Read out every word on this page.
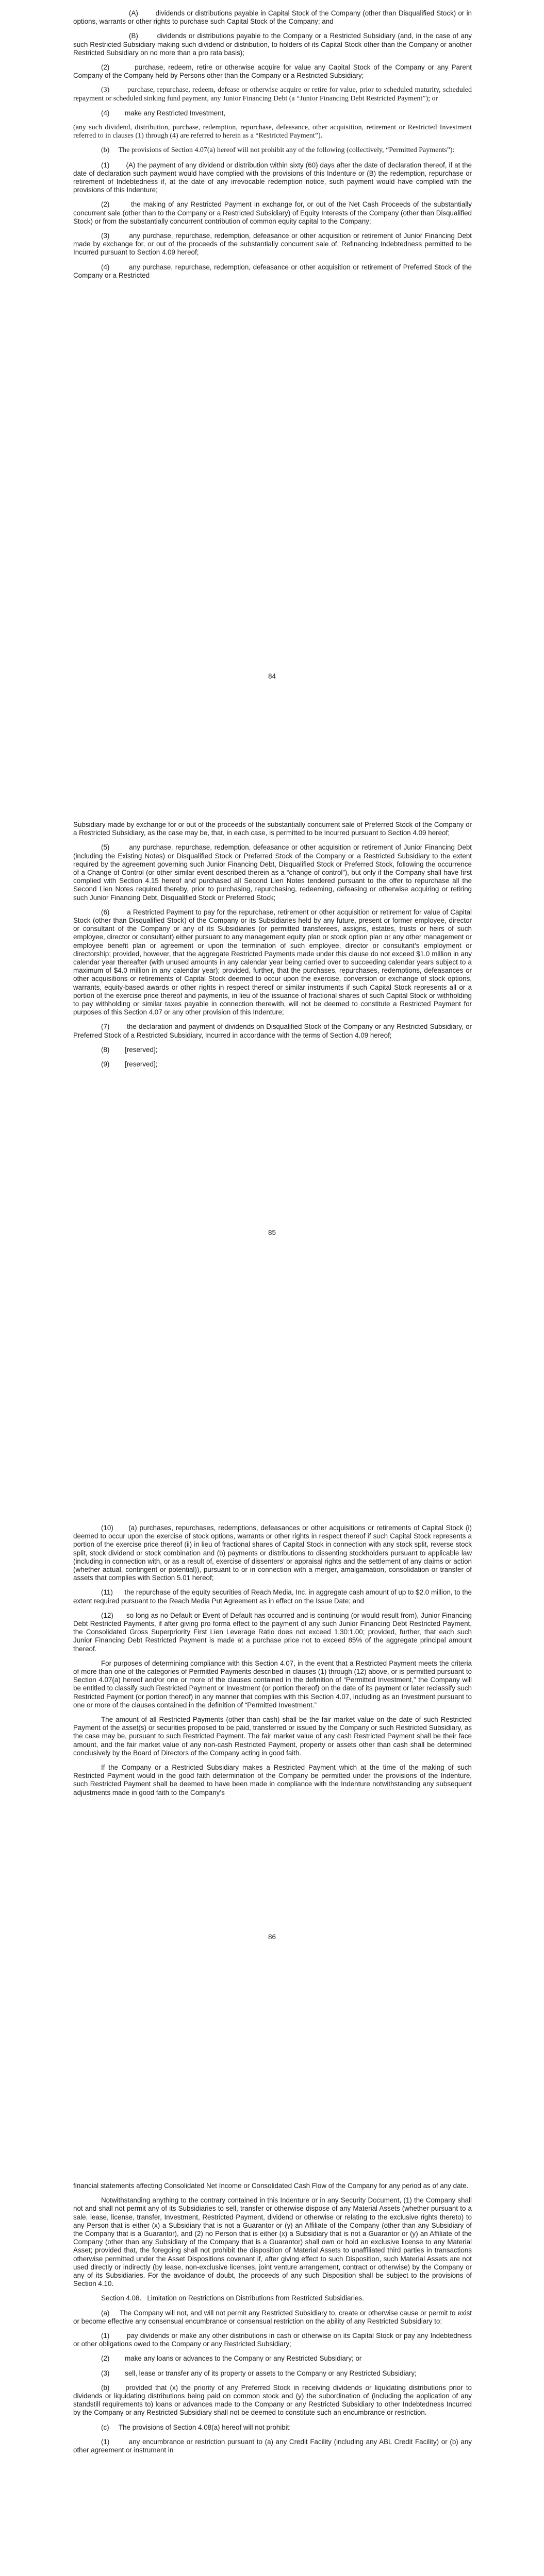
(A)        dividends or distributions payable in Capital Stock of the Company (other than Disqualified Stock) or in options, warrants or other rights to purchase such Capital Stock of the Company; and

(B)        dividends or distributions payable to the Company or a Restricted Subsidiary (and, in the case of any such Restricted Subsidiary making such dividend or distribution, to holders of its Capital Stock other than the Company or another Restricted Subsidiary on no more than a pro rata basis);

(2)        purchase, redeem, retire or otherwise acquire for value any Capital Stock of the Company or any Parent Company of the Company held by Persons other than the Company or a Restricted Subsidiary;

(3)        purchase, repurchase, redeem, defease or otherwise acquire or retire for value, prior to scheduled maturity, scheduled repayment or scheduled sinking fund payment, any Junior Financing Debt (a “Junior Financing Debt Restricted Payment”); or

(4)        make any Restricted Investment,

(any such dividend, distribution, purchase, redemption, repurchase, defeasance, other acquisition, retirement or Restricted Investment referred to in clauses (1) through (4) are referred to herein as a “Restricted Payment”).

(b)     The provisions of Section 4.07(a) hereof will not prohibit any of the following (collectively, “Permitted Payments”):

(1)        (A) the payment of any dividend or distribution within sixty (60) days after the date of declaration thereof, if at the date of declaration such payment would have complied with the provisions of this Indenture or (B) the redemption, repurchase or retirement of Indebtedness if, at the date of any irrevocable redemption notice, such payment would have complied with the provisions of this Indenture;

(2)        the making of any Restricted Payment in exchange for, or out of the Net Cash Proceeds of the substantially concurrent sale (other than to the Company or a Restricted Subsidiary) of Equity Interests of the Company (other than Disqualified Stock) or from the substantially concurrent contribution of common equity capital to the Company;

(3)        any purchase, repurchase, redemption, defeasance or other acquisition or retirement of Junior Financing Debt made by exchange for, or out of the proceeds of the substantially concurrent sale of, Refinancing Indebtedness permitted to be Incurred pursuant to Section 4.09 hereof;

(4)        any purchase, repurchase, redemption, defeasance or other acquisition or retirement of Preferred Stock of the Company or a Restricted

84

Subsidiary made by exchange for or out of the proceeds of the substantially concurrent sale of Preferred Stock of the Company or a Restricted Subsidiary, as the case may be, that, in each case, is permitted to be Incurred pursuant to Section 4.09 hereof;

(5)        any purchase, repurchase, redemption, defeasance or other acquisition or retirement of Junior Financing Debt (including the Existing Notes) or Disqualified Stock or Preferred Stock of the Company or a Restricted Subsidiary to the extent required by the agreement governing such Junior Financing Debt, Disqualified Stock or Preferred Stock, following the occurrence of a Change of Control (or other similar event described therein as a “change of control”), but only if the Company shall have first complied with Section 4.15 hereof and purchased all Second Lien Notes tendered pursuant to the offer to repurchase all the Second Lien Notes required thereby, prior to purchasing, repurchasing, redeeming, defeasing or otherwise acquiring or retiring such Junior Financing Debt, Disqualified Stock or Preferred Stock;

(6)        a Restricted Payment to pay for the repurchase, retirement or other acquisition or retirement for value of Capital Stock (other than Disqualified Stock) of the Company or its Subsidiaries held by any future, present or former employee, director or consultant of the Company or any of its Subsidiaries (or permitted transferees, assigns, estates, trusts or heirs of such employee, director or consultant) either pursuant to any management equity plan or stock option plan or any other management or employee benefit plan or agreement or upon the termination of such employee, director or consultant’s employment or directorship; provided, however, that the aggregate Restricted Payments made under this clause do not exceed $1.0 million in any calendar year thereafter (with unused amounts in any calendar year being carried over to succeeding calendar years subject to a maximum of $4.0 million in any calendar year); provided, further, that the purchases, repurchases, redemptions, defeasances or other acquisitions or retirements of Capital Stock deemed to occur upon the exercise, conversion or exchange of stock options, warrants, equity-based awards or other rights in respect thereof or similar instruments if such Capital Stock represents all or a portion of the exercise price thereof and payments, in lieu of the issuance of fractional shares of such Capital Stock or withholding to pay withholding or similar taxes payable in connection therewith, will not be deemed to constitute a Restricted Payment for purposes of this Section 4.07 or any other provision of this Indenture;

(7)        the declaration and payment of dividends on Disqualified Stock of the Company or any Restricted Subsidiary, or Preferred Stock of a Restricted Subsidiary, Incurred in accordance with the terms of Section 4.09 hereof;

(8)        [reserved];

(9)        [reserved];

85

(10)      (a) purchases, repurchases, redemptions, defeasances or other acquisitions or retirements of Capital Stock (i) deemed to occur upon the exercise of stock options, warrants or other rights in respect thereof if such Capital Stock represents a portion of the exercise price thereof (ii) in lieu of fractional shares of Capital Stock in connection with any stock split, reverse stock split, stock dividend or stock combination and (b) payments or distributions to dissenting stockholders pursuant to applicable law (including in connection with, or as a result of, exercise of dissenters’ or appraisal rights and the settlement of any claims or action (whether actual, contingent or potential)), pursuant to or in connection with a merger, amalgamation, consolidation or transfer of assets that complies with Section 5.01 hereof;

(11)      the repurchase of the equity securities of Reach Media, Inc. in aggregate cash amount of up to $2.0 million, to the extent required pursuant to the Reach Media Put Agreement as in effect on the Issue Date; and

(12)      so long as no Default or Event of Default has occurred and is continuing (or would result from), Junior Financing Debt Restricted Payments, if after giving pro forma effect to the payment of any such Junior Financing Debt Restricted Payment, the Consolidated Gross Superpriority First Lien Leverage Ratio does not exceed 1.30:1.00; provided, further, that each such Junior Financing Debt Restricted Payment is made at a purchase price not to exceed 85% of the aggregate principal amount thereof.

For purposes of determining compliance with this Section 4.07, in the event that a Restricted Payment meets the criteria of more than one of the categories of Permitted Payments described in clauses (1) through (12) above, or is permitted pursuant to Section 4.07(a) hereof and/or one or more of the clauses contained in the definition of “Permitted Investment,” the Company will be entitled to classify such Restricted Payment or Investment (or portion thereof) on the date of its payment or later reclassify such Restricted Payment (or portion thereof) in any manner that complies with this Section 4.07, including as an Investment pursuant to one or more of the clauses contained in the definition of “Permitted Investment.”

The amount of all Restricted Payments (other than cash) shall be the fair market value on the date of such Restricted Payment of the asset(s) or securities proposed to be paid, transferred or issued by the Company or such Restricted Subsidiary, as the case may be, pursuant to such Restricted Payment. The fair market value of any cash Restricted Payment shall be their face amount, and the fair market value of any non-cash Restricted Payment, property or assets other than cash shall be determined conclusively by the Board of Directors of the Company acting in good faith.

If the Company or a Restricted Subsidiary makes a Restricted Payment which at the time of the making of such Restricted Payment would in the good faith determination of the Company be permitted under the provisions of the Indenture, such Restricted Payment shall be deemed to have been made in compliance with the Indenture notwithstanding any subsequent adjustments made in good faith to the Company’s

86

financial statements affecting Consolidated Net Income or Consolidated Cash Flow of the Company for any period as of any date.

Notwithstanding anything to the contrary contained in this Indenture or in any Security Document, (1) the Company shall not and shall not permit any of its Subsidiaries to sell, transfer or otherwise dispose of any Material Assets (whether pursuant to a sale, lease, license, transfer, Investment, Restricted Payment, dividend or otherwise or relating to the exclusive rights thereto) to any Person that is either (x) a Subsidiary that is not a Guarantor or (y) an Affiliate of the Company (other than any Subsidiary of the Company that is a Guarantor), and (2) no Person that is either (x) a Subsidiary that is not a Guarantor or (y) an Affiliate of the Company (other than any Subsidiary of the Company that is a Guarantor) shall own or hold an exclusive license to any Material Asset; provided that, the foregoing shall not prohibit the disposition of Material Assets to unaffiliated third parties in transactions otherwise permitted under the Asset Dispositions covenant if, after giving effect to such Disposition, such Material Assets are not used directly or indirectly (by lease, non-exclusive licenses, joint venture arrangement, contract or otherwise) by the Company or any of its Subsidiaries. For the avoidance of doubt, the proceeds of any such Disposition shall be subject to the provisions of Section 4.10.

Section 4.08.   Limitation on Restrictions on Distributions from Restricted Subsidiaries.

(a)     The Company will not, and will not permit any Restricted Subsidiary to, create or otherwise cause or permit to exist or become effective any consensual encumbrance or consensual restriction on the ability of any Restricted Subsidiary to:

(1)        pay dividends or make any other distributions in cash or otherwise on its Capital Stock or pay any Indebtedness or other obligations owed to the Company or any Restricted Subsidiary;

(2)        make any loans or advances to the Company or any Restricted Subsidiary; or

(3)        sell, lease or transfer any of its property or assets to the Company or any Restricted Subsidiary;

(b)     provided that (x) the priority of any Preferred Stock in receiving dividends or liquidating distributions prior to dividends or liquidating distributions being paid on common stock and (y) the subordination of (including the application of any standstill requirements to) loans or advances made to the Company or any Restricted Subsidiary to other Indebtedness Incurred by the Company or any Restricted Subsidiary shall not be deemed to constitute such an encumbrance or restriction.

(c)     The provisions of Section 4.08(a) hereof will not prohibit:

(1)        any encumbrance or restriction pursuant to (a) any Credit Facility (including any ABL Credit Facility) or (b) any other agreement or instrument in
